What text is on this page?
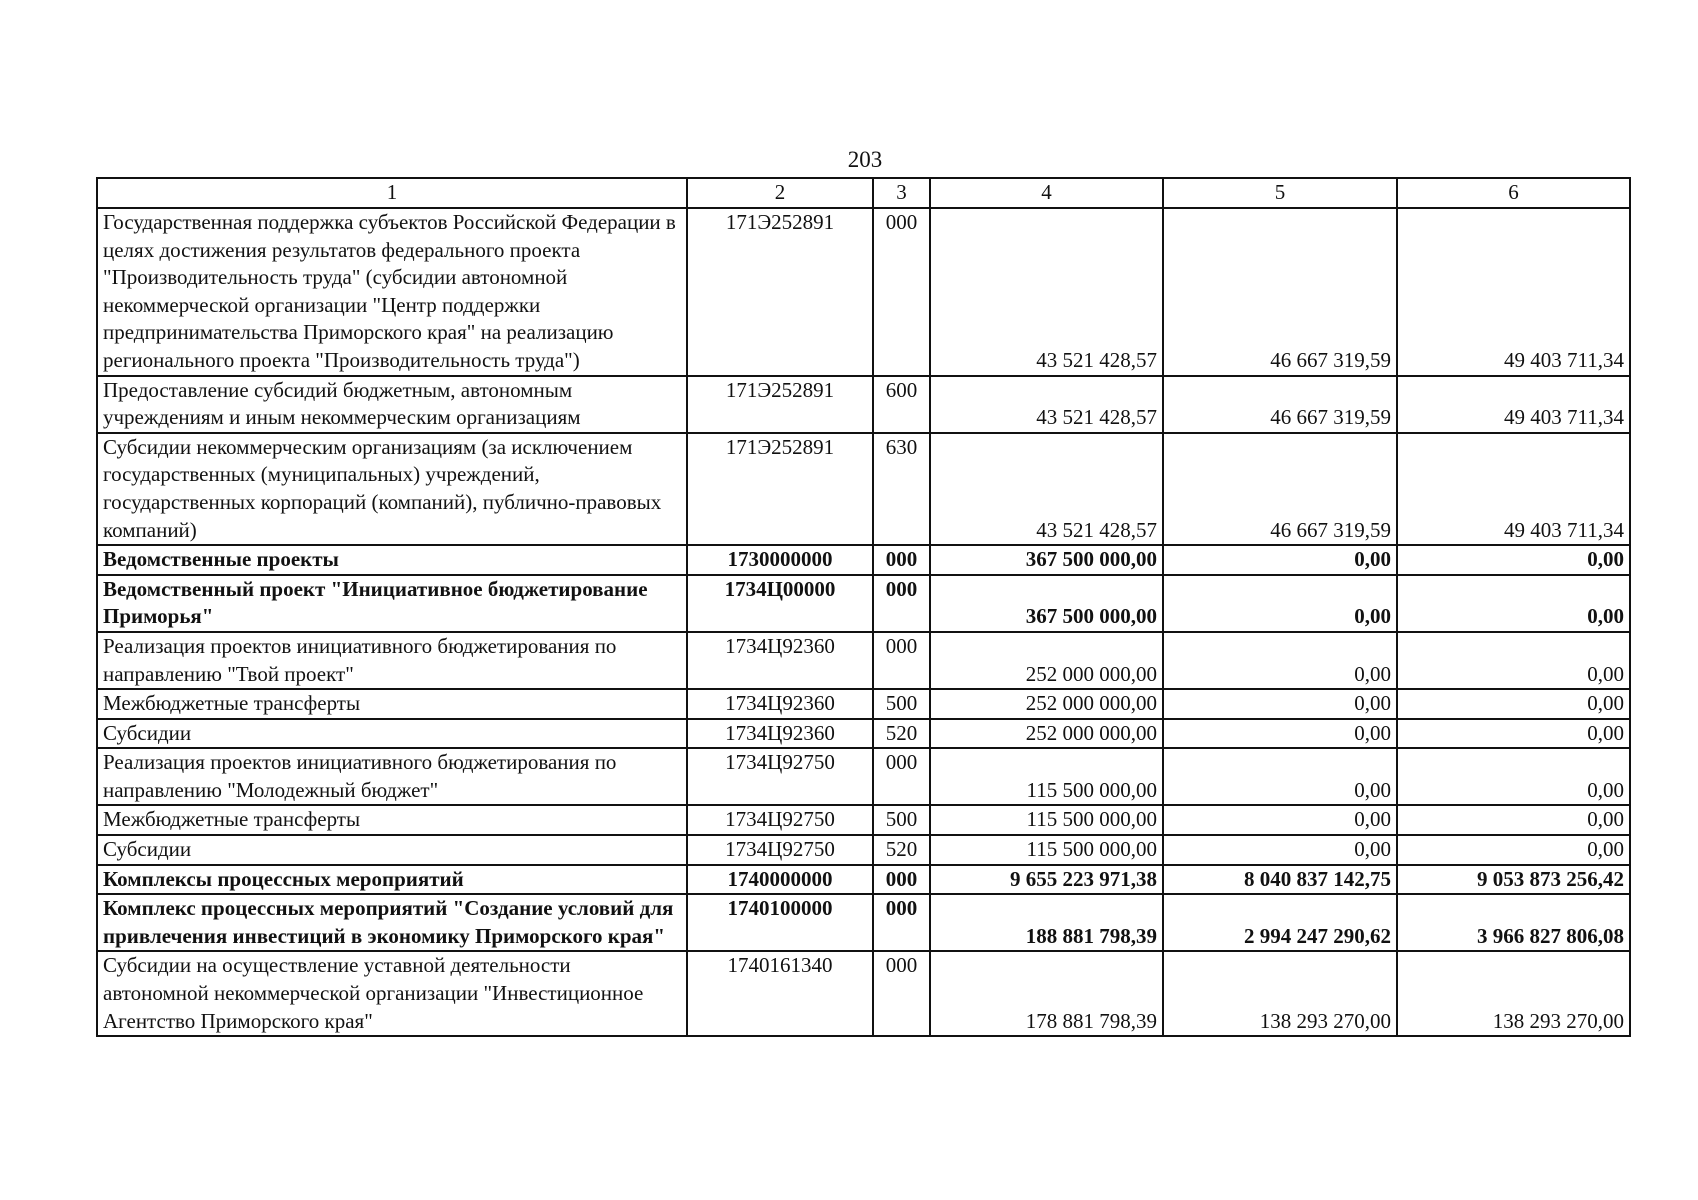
203
1	2	3	4	5	6
Государственная поддержка субъектов Российской Федерации в целях достижения результатов федерального проекта "Производительность труда" (субсидии автономной некоммерческой организации "Центр поддержки предпринимательства Приморского края" на реализацию регионального проекта "Производительность труда")	171Э252891	000	43 521 428,57	46 667 319,59	49 403 711,34
Предоставление субсидий бюджетным, автономным учреждениям и иным некоммерческим организациям	171Э252891	600	43 521 428,57	46 667 319,59	49 403 711,34
Субсидии некоммерческим организациям (за исключением государственных (муниципальных) учреждений, государственных корпораций (компаний), публично-правовых компаний)	171Э252891	630	43 521 428,57	46 667 319,59	49 403 711,34
Ведомственные проекты	1730000000	000	367 500 000,00	0,00	0,00
Ведомственный проект "Инициативное бюджетирование Приморья"	1734Ц00000	000	367 500 000,00	0,00	0,00
Реализация проектов инициативного бюджетирования по направлению "Твой проект"	1734Ц92360	000	252 000 000,00	0,00	0,00
Межбюджетные трансферты	1734Ц92360	500	252 000 000,00	0,00	0,00
Субсидии	1734Ц92360	520	252 000 000,00	0,00	0,00
Реализация проектов инициативного бюджетирования по направлению "Молодежный бюджет"	1734Ц92750	000	115 500 000,00	0,00	0,00
Межбюджетные трансферты	1734Ц92750	500	115 500 000,00	0,00	0,00
Субсидии	1734Ц92750	520	115 500 000,00	0,00	0,00
Комплексы процессных мероприятий	1740000000	000	9 655 223 971,38	8 040 837 142,75	9 053 873 256,42
Комплекс процессных мероприятий "Создание условий для привлечения инвестиций в экономику Приморского края"	1740100000	000	188 881 798,39	2 994 247 290,62	3 966 827 806,08
Субсидии на осуществление уставной деятельности автономной некоммерческой организации "Инвестиционное Агентство Приморского края"	1740161340	000	178 881 798,39	138 293 270,00	138 293 270,00
